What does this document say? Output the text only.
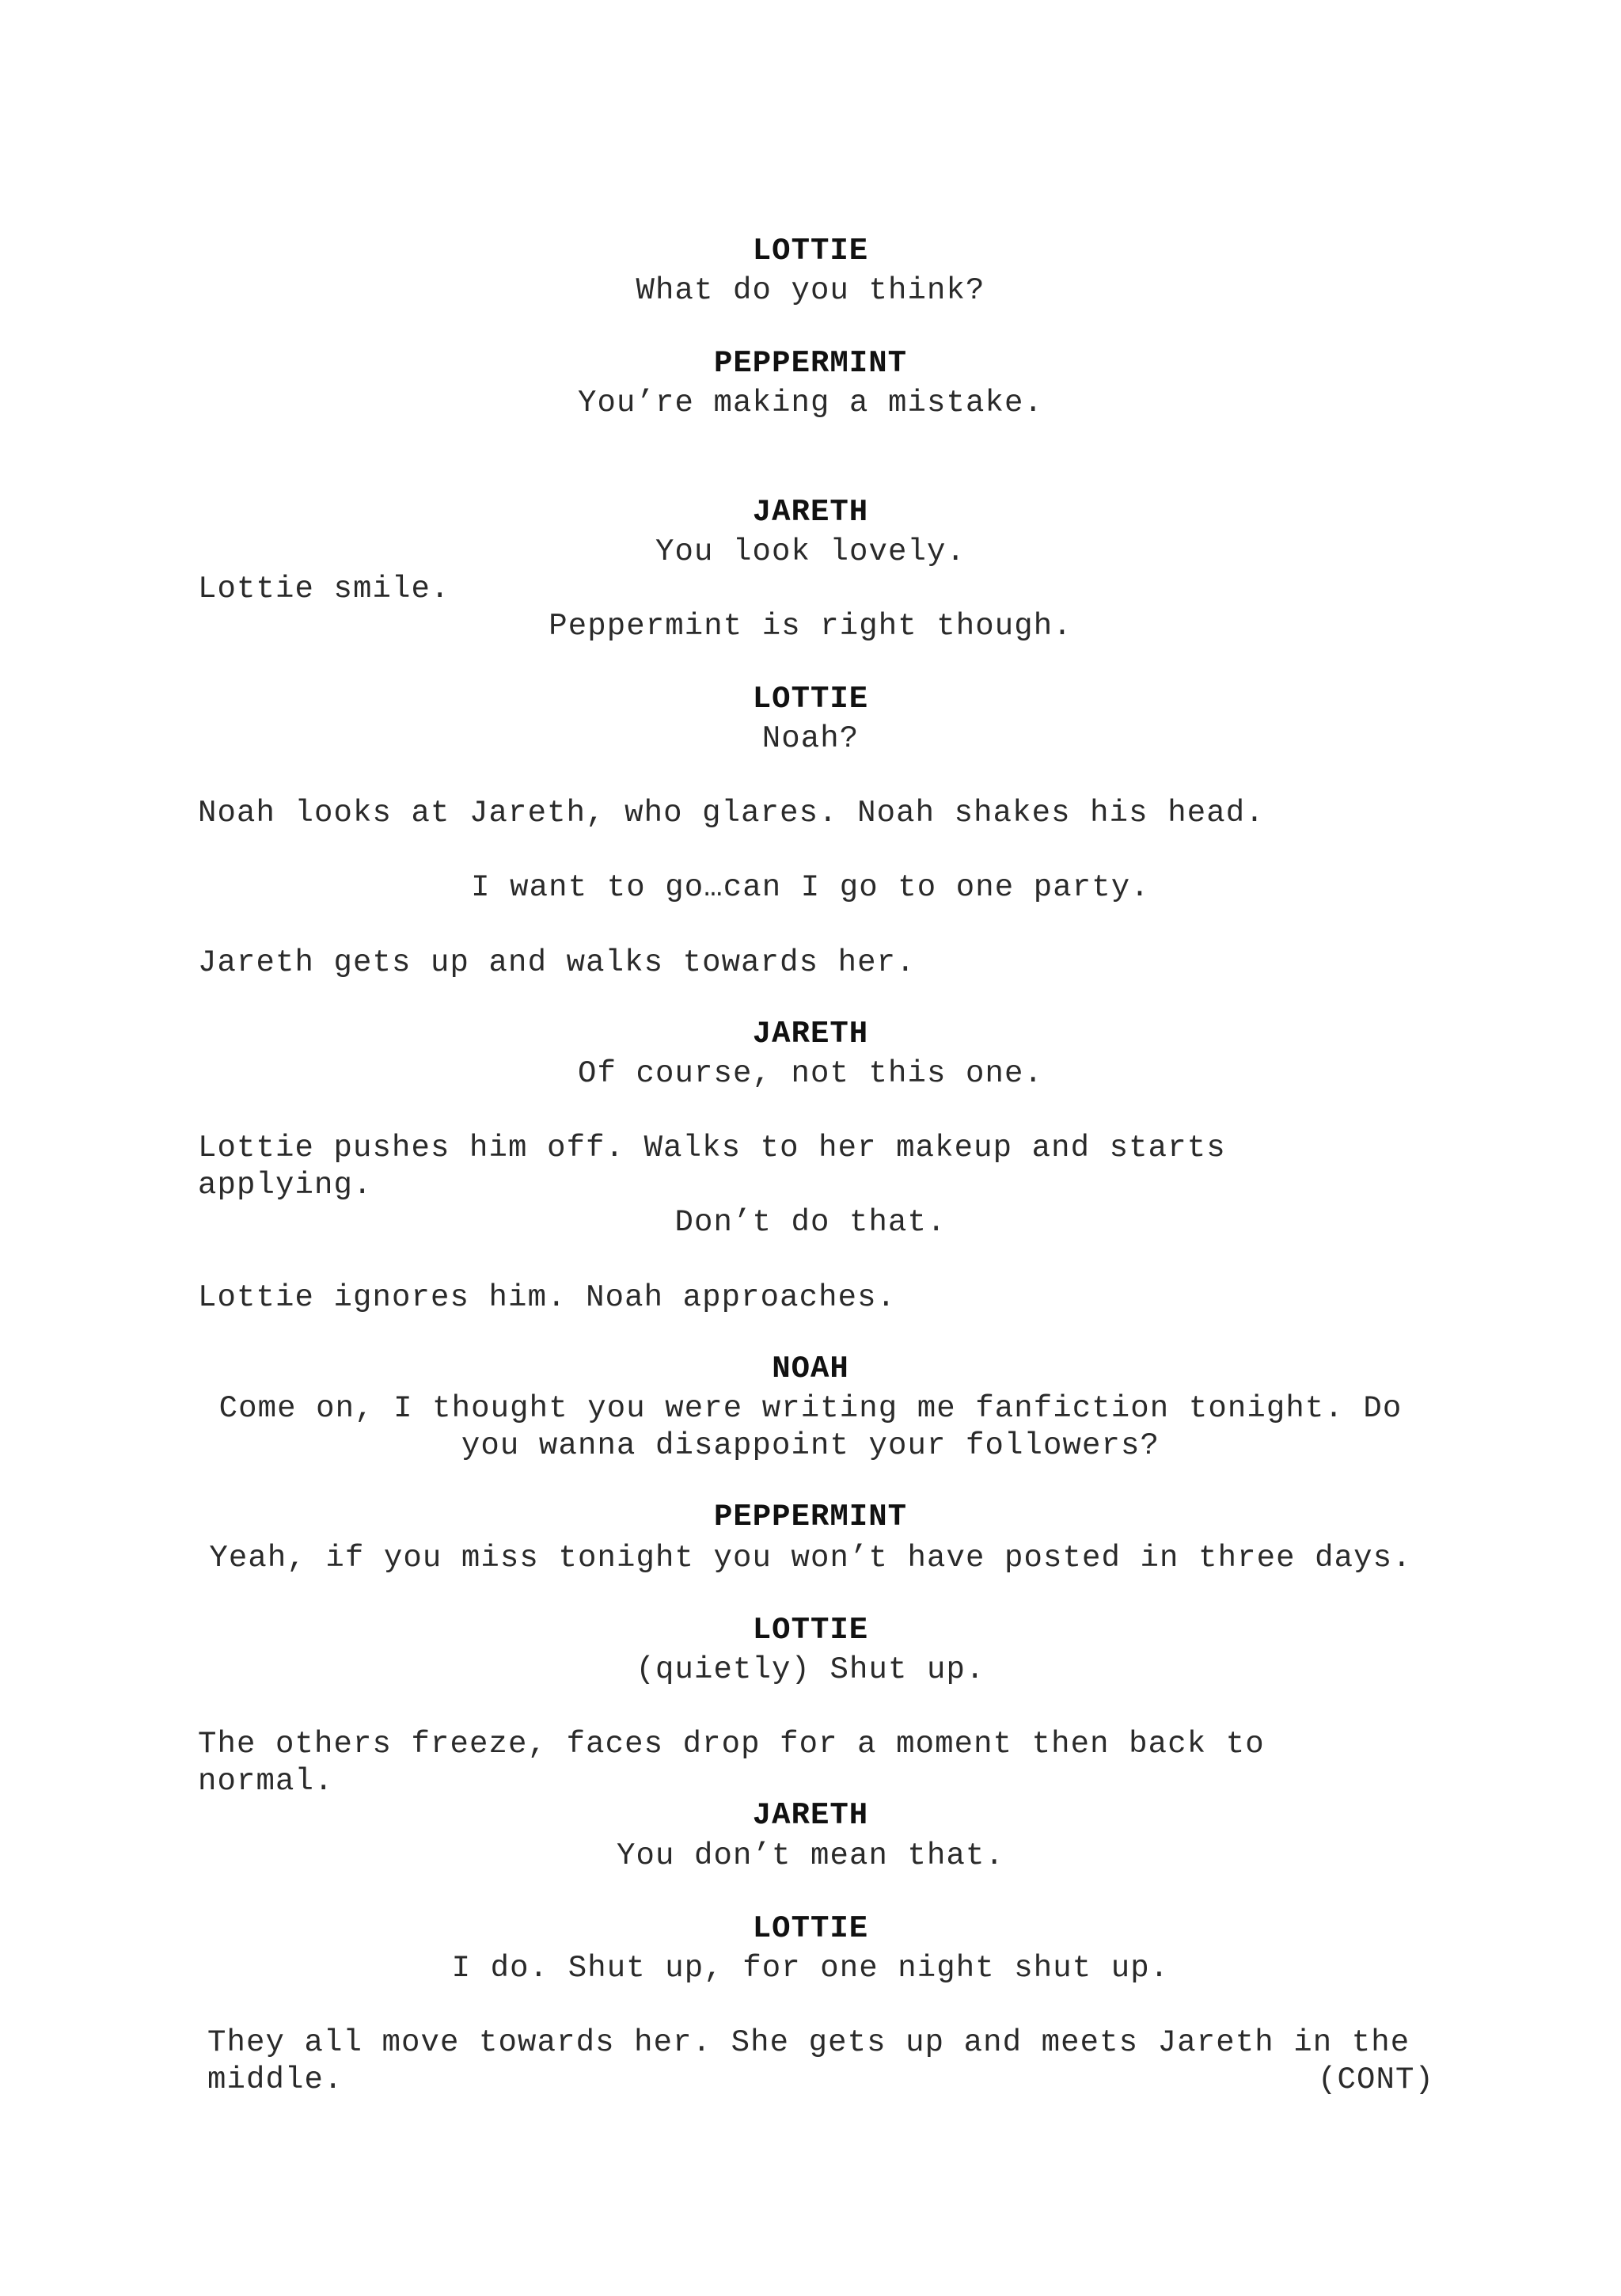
LOTTIE
What do you think?
PEPPERMINT
You’re making a mistake.
JARETH
You look lovely.
Lottie smile.
Peppermint is right though.
LOTTIE
Noah?
Noah looks at Jareth, who glares. Noah shakes his head.
I want to go…can I go to one party.
Jareth gets up and walks towards her.
JARETH
Of course, not this one.
Lottie pushes him off. Walks to her makeup and starts
applying.
Don’t do that.
Lottie ignores him. Noah approaches.
NOAH
Come on, I thought you were writing me fanfiction tonight. Do
you wanna disappoint your followers?
PEPPERMINT
Yeah, if you miss tonight you won’t have posted in three days.
LOTTIE
(quietly) Shut up.
The others freeze, faces drop for a moment then back to
normal.
JARETH
You don’t mean that.
LOTTIE
I do. Shut up, for one night shut up.
They all move towards her. She gets up and meets Jareth in the
middle.	(CONT)
